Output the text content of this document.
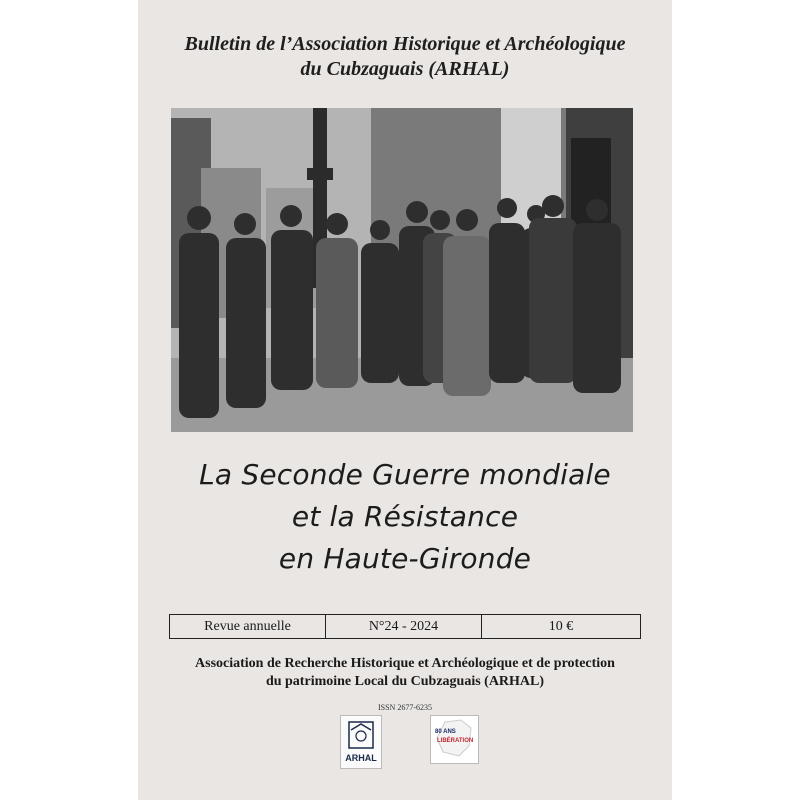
Bulletin de l’Association Historique et Archéologique
du Cubzaguais (ARHAL)
La Seconde Guerre mondiale
et la Résistance
en Haute-Gironde
Revue annuelle	N°24 - 2024	10 €
Association de Recherche Historique et Archéologique et de protection
du patrimoine Local du Cubzaguais (ARHAL)
ISSN 2677-6235
ARHAL
80 ANS
LIBÉRATION
